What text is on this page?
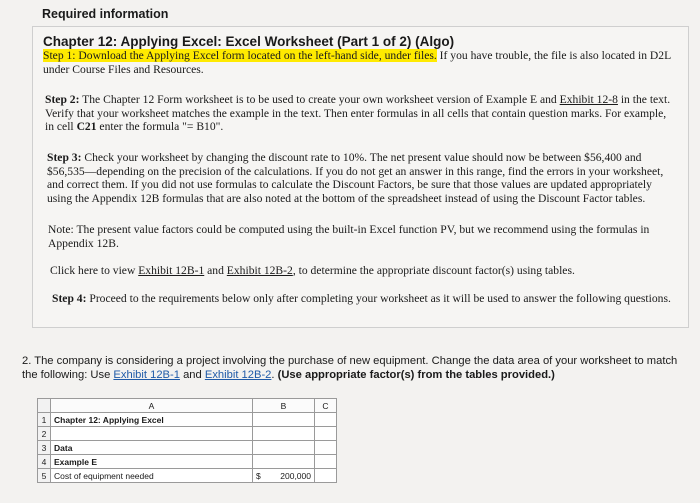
Required information
Chapter 12: Applying Excel: Excel Worksheet (Part 1 of 2) (Algo)
Step 1: Download the Applying Excel form located on the left-hand side, under files. If you have trouble, the file is also located in D2L under Course Files and Resources.
Step 2: The Chapter 12 Form worksheet is to be used to create your own worksheet version of Example E and Exhibit 12-8 in the text. Verify that your worksheet matches the example in the text. Then enter formulas in all cells that contain question marks. For example, in cell C21 enter the formula "= B10".
Step 3: Check your worksheet by changing the discount rate to 10%. The net present value should now be between $56,400 and $56,535—depending on the precision of the calculations. If you do not get an answer in this range, find the errors in your worksheet, and correct them. If you did not use formulas to calculate the Discount Factors, be sure that those values are updated appropriately using the Appendix 12B formulas that are also noted at the bottom of the spreadsheet instead of using the Discount Factor tables.
Note: The present value factors could be computed using the built-in Excel function PV, but we recommend using the formulas in Appendix 12B.
Click here to view Exhibit 12B-1 and Exhibit 12B-2, to determine the appropriate discount factor(s) using tables.
Step 4: Proceed to the requirements below only after completing your worksheet as it will be used to answer the following questions.
2. The company is considering a project involving the purchase of new equipment. Change the data area of your worksheet to match the following: Use Exhibit 12B-1 and Exhibit 12B-2. (Use appropriate factor(s) from the tables provided.)
	A	B	C
1	Chapter 12: Applying Excel		
2			
3	Data		
4	Example E		
5	Cost of equipment needed	$ 200,000	
